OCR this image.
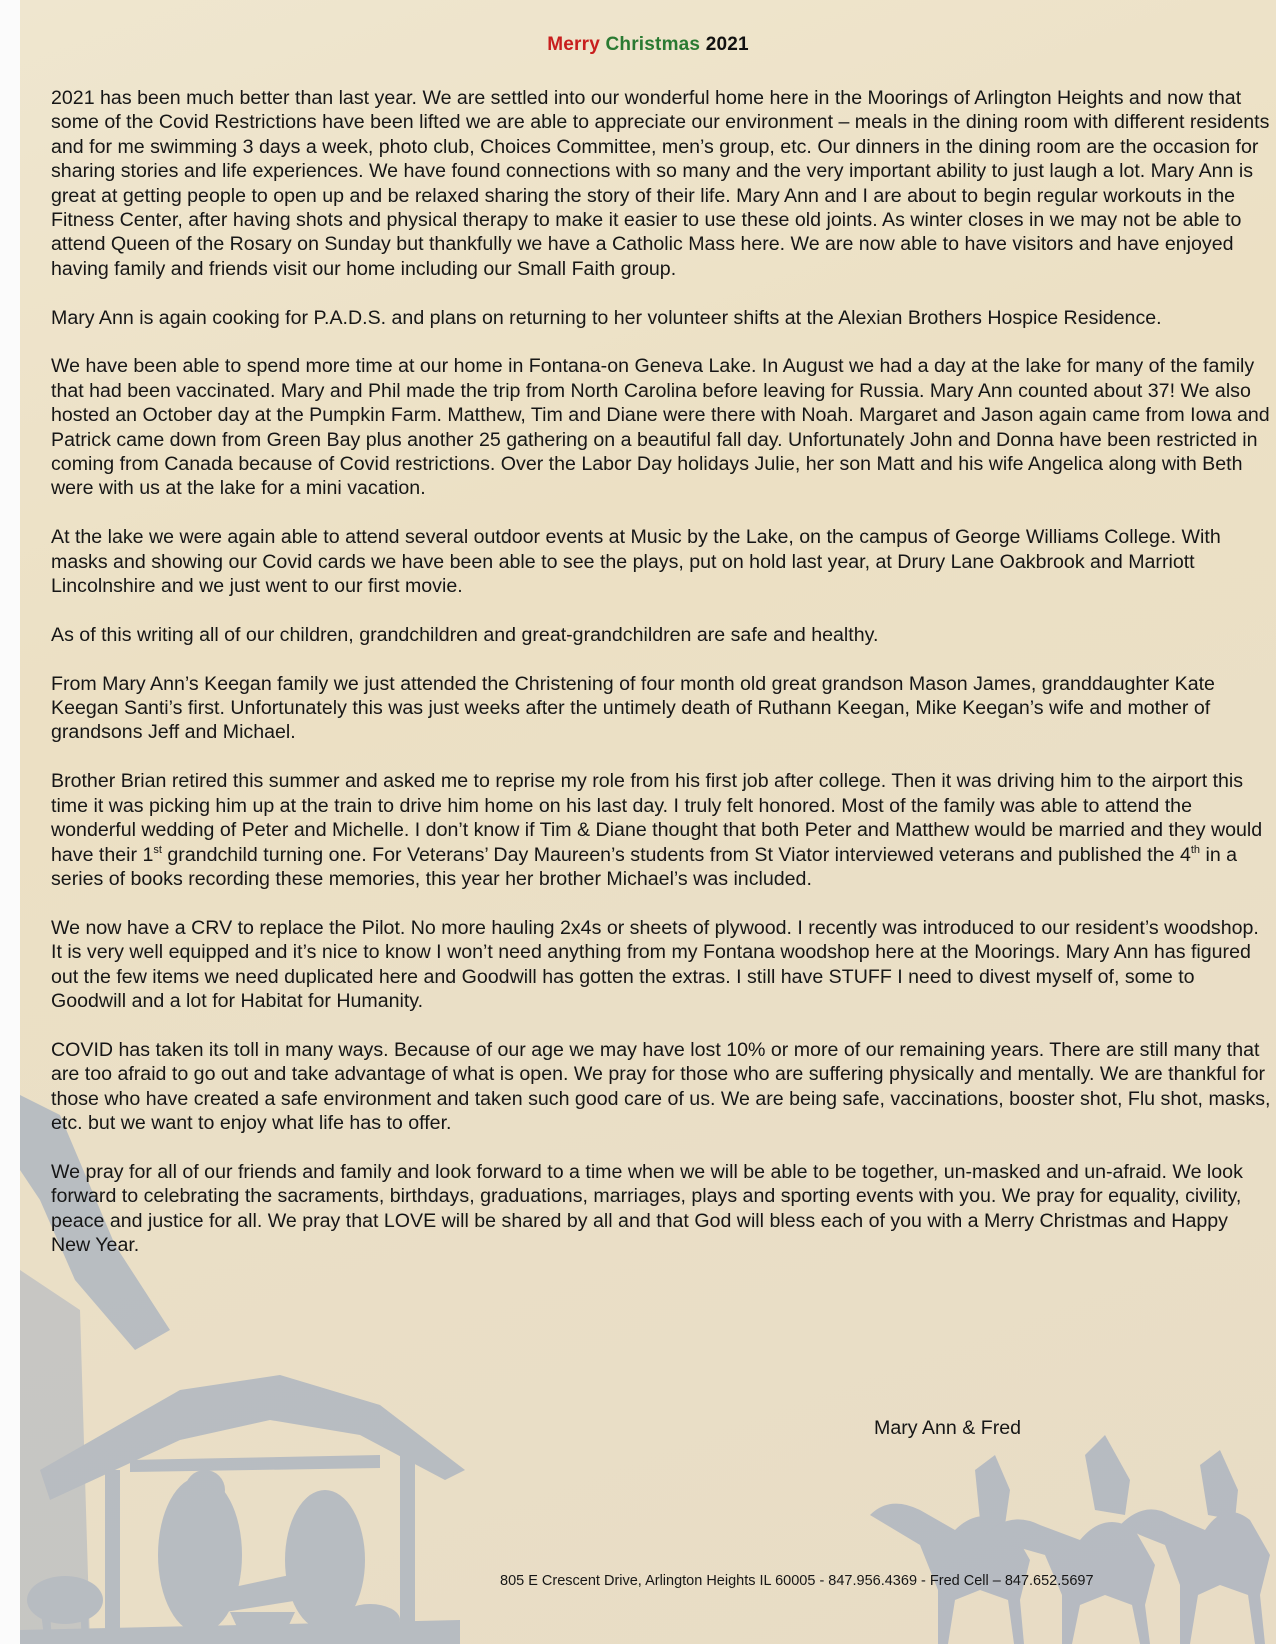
Merry Christmas 2021

2021 has been much better than last year. We are settled into our wonderful home here in the Moorings of Arlington Heights and now that some of the Covid Restrictions have been lifted we are able to appreciate our environment – meals in the dining room with different residents and for me swimming 3 days a week, photo club, Choices Committee, men’s group, etc. Our dinners in the dining room are the occasion for sharing stories and life experiences. We have found connections with so many and the very important ability to just laugh a lot. Mary Ann is great at getting people to open up and be relaxed sharing the story of their life. Mary Ann and I are about to begin regular workouts in the Fitness Center, after having shots and physical therapy to make it easier to use these old joints. As winter closes in we may not be able to attend Queen of the Rosary on Sunday but thankfully we have a Catholic Mass here. We are now able to have visitors and have enjoyed having family and friends visit our home including our Small Faith group.

Mary Ann is again cooking for P.A.D.S. and plans on returning to her volunteer shifts at the Alexian Brothers Hospice Residence.

We have been able to spend more time at our home in Fontana-on Geneva Lake. In August we had a day at the lake for many of the family that had been vaccinated. Mary and Phil made the trip from North Carolina before leaving for Russia. Mary Ann counted about 37! We also hosted an October day at the Pumpkin Farm. Matthew, Tim and Diane were there with Noah. Margaret and Jason again came from Iowa and Patrick came down from Green Bay plus another 25 gathering on a beautiful fall day. Unfortunately John and Donna have been restricted in coming from Canada because of Covid restrictions. Over the Labor Day holidays Julie, her son Matt and his wife Angelica along with Beth were with us at the lake for a mini vacation.

At the lake we were again able to attend several outdoor events at Music by the Lake, on the campus of George Williams College. With masks and showing our Covid cards we have been able to see the plays, put on hold last year, at Drury Lane Oakbrook and Marriott Lincolnshire and we just went to our first movie.

As of this writing all of our children, grandchildren and great-grandchildren are safe and healthy.

From Mary Ann’s Keegan family we just attended the Christening of four month old great grandson Mason James, granddaughter Kate Keegan Santi’s first. Unfortunately this was just weeks after the untimely death of Ruthann Keegan, Mike Keegan’s wife and mother of grandsons Jeff and Michael.

Brother Brian retired this summer and asked me to reprise my role from his first job after college. Then it was driving him to the airport this time it was picking him up at the train to drive him home on his last day. I truly felt honored. Most of the family was able to attend the wonderful wedding of Peter and Michelle. I don’t know if Tim & Diane thought that both Peter and Matthew would be married and they would have their 1st grandchild turning one. For Veterans’ Day Maureen’s students from St Viator interviewed veterans and published the 4th in a series of books recording these memories, this year her brother Michael’s was included.

We now have a CRV to replace the Pilot. No more hauling 2x4s or sheets of plywood. I recently was introduced to our resident’s woodshop. It is very well equipped and it’s nice to know I won’t need anything from my Fontana woodshop here at the Moorings. Mary Ann has figured out the few items we need duplicated here and Goodwill has gotten the extras. I still have STUFF I need to divest myself of, some to Goodwill and a lot for Habitat for Humanity.

COVID has taken its toll in many ways. Because of our age we may have lost 10% or more of our remaining years. There are still many that are too afraid to go out and take advantage of what is open. We pray for those who are suffering physically and mentally. We are thankful for those who have created a safe environment and taken such good care of us. We are being safe, vaccinations, booster shot, Flu shot, masks, etc. but we want to enjoy what life has to offer.

We pray for all of our friends and family and look forward to a time when we will be able to be together, un-masked and un-afraid. We look forward to celebrating the sacraments, birthdays, graduations, marriages, plays and sporting events with you. We pray for equality, civility, peace and justice for all. We pray that LOVE will be shared by all and that God will bless each of you with a Merry Christmas and Happy New Year.

Mary Ann & Fred
805 E Crescent Drive, Arlington Heights IL 60005 - 847.956.4369 - Fred Cell – 847.652.5697
